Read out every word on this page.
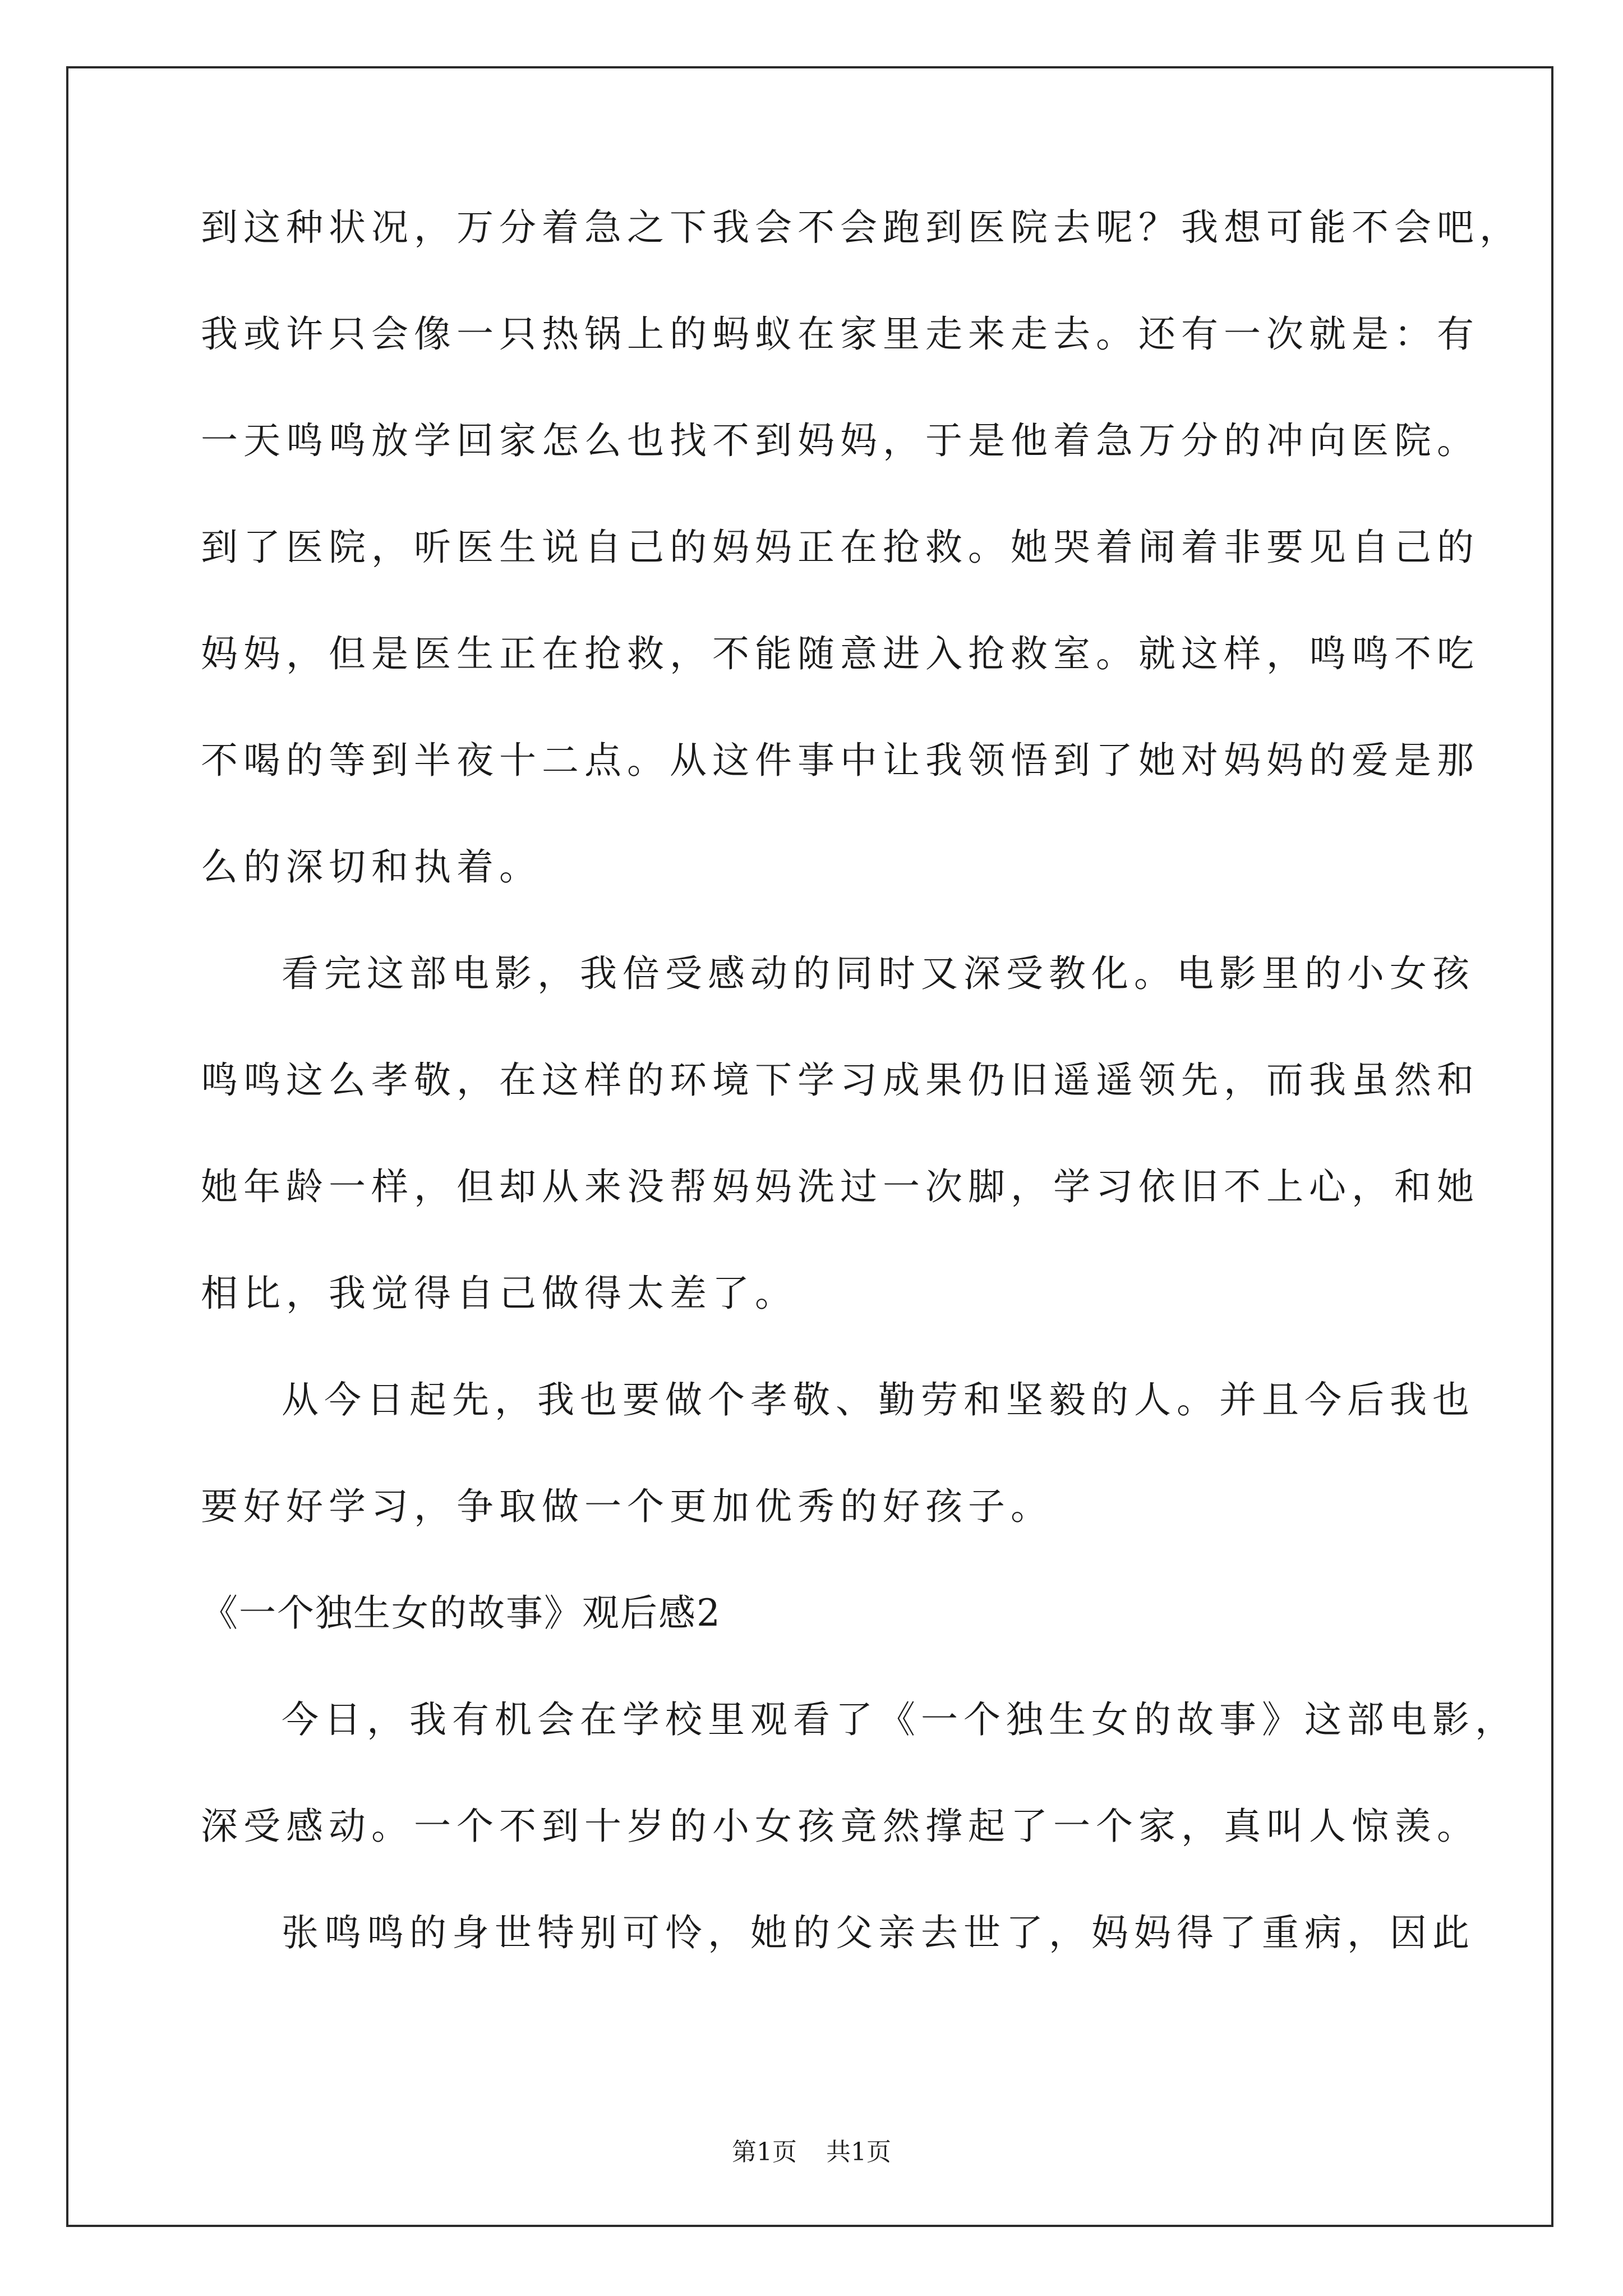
到这种状况，万分着急之下我会不会跑到医院去呢？我想可能不会吧，
我或许只会像一只热锅上的蚂蚁在家里走来走去。还有一次就是：有
一天鸣鸣放学回家怎么也找不到妈妈，于是他着急万分的冲向医院。
到了医院，听医生说自己的妈妈正在抢救。她哭着闹着非要见自己的
妈妈，但是医生正在抢救，不能随意进入抢救室。就这样，鸣鸣不吃
不喝的等到半夜十二点。从这件事中让我领悟到了她对妈妈的爱是那
么的深切和执着。
看完这部电影，我倍受感动的同时又深受教化。电影里的小女孩
鸣鸣这么孝敬，在这样的环境下学习成果仍旧遥遥领先，而我虽然和
她年龄一样，但却从来没帮妈妈洗过一次脚，学习依旧不上心，和她
相比，我觉得自己做得太差了。
从今日起先，我也要做个孝敬、勤劳和坚毅的人。并且今后我也
要好好学习，争取做一个更加优秀的好孩子。
《一个独生女的故事》观后感2
今日，我有机会在学校里观看了《一个独生女的故事》这部电影，
深受感动。一个不到十岁的小女孩竟然撑起了一个家，真叫人惊羡。
张鸣鸣的身世特别可怜，她的父亲去世了，妈妈得了重病，因此
第1页 共1页
